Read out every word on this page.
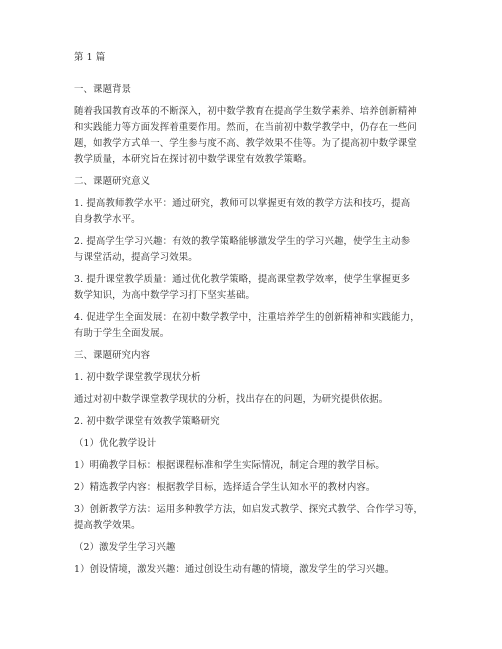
第 1 篇
一、课题背景
随着我国教育改革的不断深入，初中数学教育在提高学生数学素养、培养创新精神
和实践能力等方面发挥着重要作用。然而，在当前初中数学教学中，仍存在一些问
题，如教学方式单一、学生参与度不高、教学效果不佳等。为了提高初中数学课堂
教学质量，本研究旨在探讨初中数学课堂有效教学策略。
二、课题研究意义
1. 提高教师教学水平：通过研究，教师可以掌握更有效的教学方法和技巧，提高
自身教学水平。
2. 提高学生学习兴趣：有效的教学策略能够激发学生的学习兴趣，使学生主动参
与课堂活动，提高学习效果。
3. 提升课堂教学质量：通过优化教学策略，提高课堂教学效率，使学生掌握更多
数学知识，为高中数学学习打下坚实基础。
4. 促进学生全面发展：在初中数学教学中，注重培养学生的创新精神和实践能力，
有助于学生全面发展。
三、课题研究内容
1. 初中数学课堂教学现状分析
通过对初中数学课堂教学现状的分析，找出存在的问题，为研究提供依据。
2. 初中数学课堂有效教学策略研究
（1）优化教学设计
1）明确教学目标：根据课程标准和学生实际情况，制定合理的教学目标。
2）精选教学内容：根据教学目标，选择适合学生认知水平的教材内容。
3）创新教学方法：运用多种教学方法，如启发式教学、探究式教学、合作学习等，
提高教学效果。
（2）激发学生学习兴趣
1）创设情境，激发兴趣：通过创设生动有趣的情境，激发学生的学习兴趣。
